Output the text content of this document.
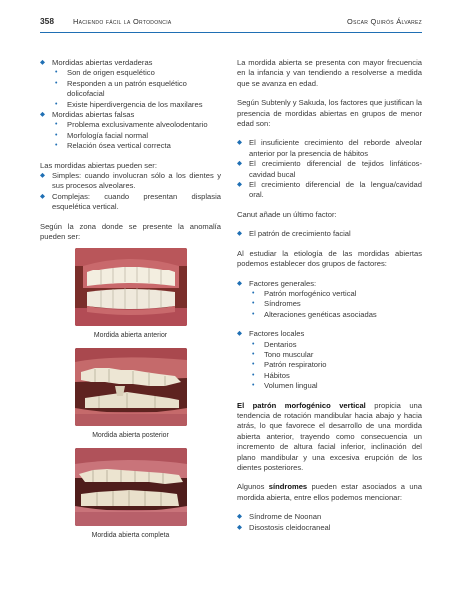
358	Haciendo fácil la Ortodoncia	Oscar Quirós Álvarez
◆ Mordidas abiertas verdaderas
• Son de origen esquelético
• Responden a un patrón esquelético dolicofacial
• Existe hiperdivergencia de los maxilares
◆ Mordidas abiertas falsas
• Problema exclusivamente alveolodentario
• Morfología facial normal
• Relación ósea vertical correcta
Las mordidas abiertas pueden ser:
◆ Simples: cuando involucran sólo a los dientes y sus procesos alveolares.
◆ Complejas: cuando presentan displasia esquelética vertical.
Según la zona donde se presente la anomalía pueden ser:
Mordida abierta anterior
Mordida abierta posterior
Mordida abierta completa
La mordida abierta se presenta con mayor frecuencia en la infancia y van tendiendo a resolverse a medida que se avanza en edad.
Según Subtenly y Sakuda, los factores que justifican la presencia de mordidas abiertas en grupos de menor edad son:
◆ El insuficiente crecimiento del reborde alveolar anterior por la presencia de hábitos
◆ El crecimiento diferencial de tejidos linfáticos-cavidad bucal
◆ El crecimiento diferencial de la lengua/cavidad oral.
Canut añade un último factor:
◆ El patrón de crecimiento facial
Al estudiar la etiología de las mordidas abiertas podemos establecer dos grupos de factores:
◆ Factores generales:
• Patrón morfogénico vertical
• Síndromes
• Alteraciones genéticas asociadas
◆ Factores locales
• Dentarios
• Tono muscular
• Patrón respiratorio
• Hábitos
• Volumen lingual
El patrón morfogénico vertical propicia una tendencia de rotación mandibular hacia abajo y hacia atrás, lo que favorece el desarrollo de una mordida abierta anterior, trayendo como consecuencia un incremento de altura facial inferior, inclinación del plano mandibular y una excesiva erupción de los dientes posteriores.
Algunos síndromes pueden estar asociados a una mordida abierta, entre ellos podemos mencionar:
◆ Síndrome de Noonan
◆ Disostosis cleidocraneal
